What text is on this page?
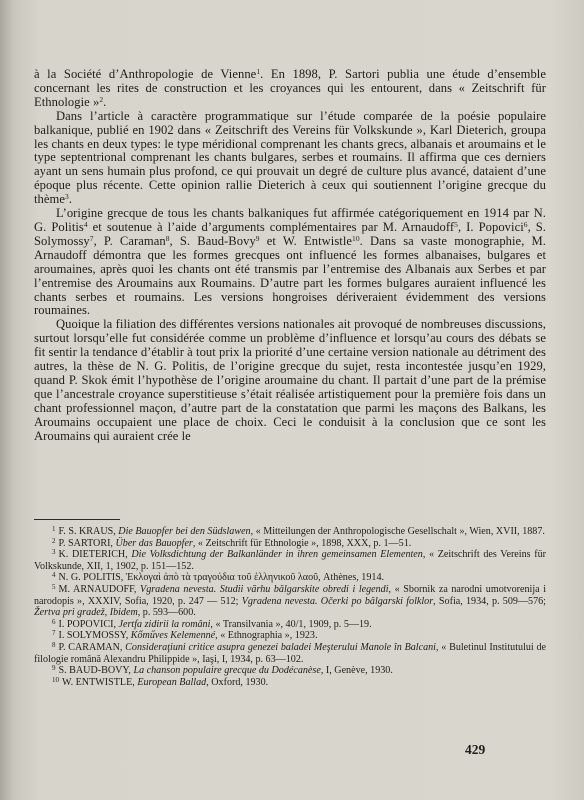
à la Société d’Anthropologie de Vienne$^1$. En 1898, P. Sartori publia une étude d’ensemble concernant les rites de construction et les croyances qui les entourent, dans « Zeitschrift für Ethnologie »$^2$.

Dans l’article à caractère programmatique sur l’étude comparée de la poésie populaire balkanique, publié en 1902 dans « Zeitschrift des Vereins für Volkskunde », Karl Dieterich, groupa les chants en deux types: le type méridional comprenant les chants grecs, albanais et aroumains et le type septentrional comprenant les chants bulgares, serbes et roumains. Il affirma que ces derniers ayant un sens humain plus profond, ce qui prouvait un degré de culture plus avancé, dataient d’une époque plus récente. Cette opinion rallie Dieterich à ceux qui soutiennent l’origine grecque du thème$^3$.

L’origine grecque de tous les chants balkaniques fut affirmée catégoriquement en 1914 par N. G. Politis$^4$ et soutenue à l’aide d’arguments complémentaires par M. Arnaudoff$^5$, I. Popovici$^6$, S. Solymossy$^7$, P. Caraman$^8$, S. Baud-Bovy$^9$ et W. Entwistle$^{10}$. Dans sa vaste monographie, M. Arnaudoff démontra que les formes grecques ont influencé les formes albanaises, bulgares et aroumaines, après quoi les chants ont été transmis par l’entremise des Albanais aux Serbes et par l’entremise des Aroumains aux Roumains. D’autre part les formes bulgares auraient influencé les chants serbes et roumains. Les versions hongroises dériveraient évidemment des versions roumaines.

Quoique la filiation des différentes versions nationales ait provoqué de nombreuses discussions, surtout lorsqu’elle fut considérée comme un problème d’influence et lorsqu’au cours des débats se fit sentir la tendance d’établir à tout prix la priorité d’une certaine version nationale au détriment des autres, la thèse de N. G. Politis, de l’origine grecque du sujet, resta incontestée jusqu’en 1929, quand P. Skok émit l’hypothèse de l’origine aroumaine du chant. Il partait d’une part de la prémise que l’ancestrale croyance superstitieuse s’était réalisée artistiquement pour la première fois dans un chant professionnel maçon, d’autre part de la constatation que parmi les maçons des Balkans, les Aroumains occupaient une place de choix. Ceci le conduisit à la conclusion que ce sont les Aroumains qui auraient crée le

$^1$ F. S. KRAUS, Die Bauopfer bei den Südslawen, « Mitteilungen der Anthropologische Gesellschalt », Wien, XVII, 1887.

$^2$ P. SARTORI, Über das Bauopfer, « Zeitschrift für Ethnologie », 1898, XXX, p. 1—51.

$^3$ K. DIETERICH, Die Volksdichtung der Balkanländer in ihren gemeinsamen Elementen, « Zeitschrift des Vereins für Volkskunde, XII, 1, 1902, p. 151—152.

$^4$ N. G. POLITIS, Ἐκλογαὶ ἀπὸ τὰ τραγούδια τοῦ ἑλληνικοῦ λαοῦ, Athènes, 1914.

$^5$ M. ARNAUDOFF, Vgradena nevesta. Studii vărhu bălgarskite obredi i legendi, « Sbornik za narodni umotvorenija i narodopis », XXXIV, Sofia, 1920, p. 247 — 512; Vgradena nevesta. Očerki po bălgarski folklor, Sofia, 1934, p. 509—576; Žertva pri gradež, Ibidem, p. 593—600.

$^6$ I. POPOVICI, Jertfa zidirii la români, « Transilvania », 40/1, 1909, p. 5—19.

$^7$ I. SOLYMOSSY, Kőműves Kelemenné, « Ethnographia », 1923.

$^8$ P. CARAMAN, Consideraţiuni critice asupra genezei baladei Meşterului Manole în Balcani, « Buletinul Institutului de filologie română Alexandru Philippide », Iaşi, I, 1934, p. 63—102.

$^9$ S. BAUD-BOVY, La chanson populaire grecque du Dodécanèse, I, Genève, 1930.

$^{10}$ W. ENTWISTLE, European Ballad, Oxford, 1930.

429
